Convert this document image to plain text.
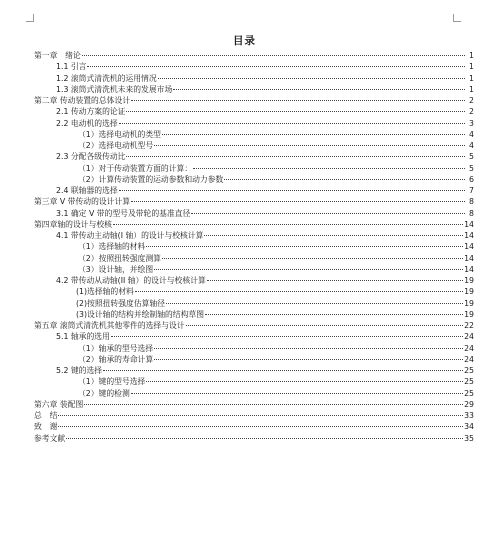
目录
第一章　绪论	1
1.1 引言	1
1.2 滚筒式清洗机的运用情况	1
1.3 滚筒式清洗机未来的发展市场	1
第二章 传动装置的总体设计	2
2.1 传动方案的论证	2
2.2 电动机的选择	3
（1）选择电动机的类型	4
（2）选择电动机型号	4
2.3 分配各级传动比	5
（1）对于传动装置方面的计算：	5
（2）计算传动装置的运动参数和动力参数	6
2.4 联轴器的选择	7
第三章 V 带传动的设计计算	8
3.1 确定 V 带的型号及带轮的基准直径	8
第四章轴的设计与校核	14
4.1 带传动主动轴(I 轴）的设计与校核计算	14
（1）选择轴的材料	14
（2）按照扭转强度测算	14
（3）设计轴，并绘图	14
4.2 带传动从动轴(II 轴）的设计与校核计算	19
(1)选择轴的材料	19
(2)按照扭转强度估算轴径	19
(3)设计轴的结构并绘制轴的结构草图	19
第五章 滚筒式清洗机其他零件的选择与设计	22
5.1 轴承的选用	24
（1）轴承的型号选择	24
（2）轴承的寿命计算	24
5.2 键的选择	25
（1）键的型号选择	25
（2）键的检测	25
第六章 装配图	29
总　结	33
致　谢	34
参考文献	35
